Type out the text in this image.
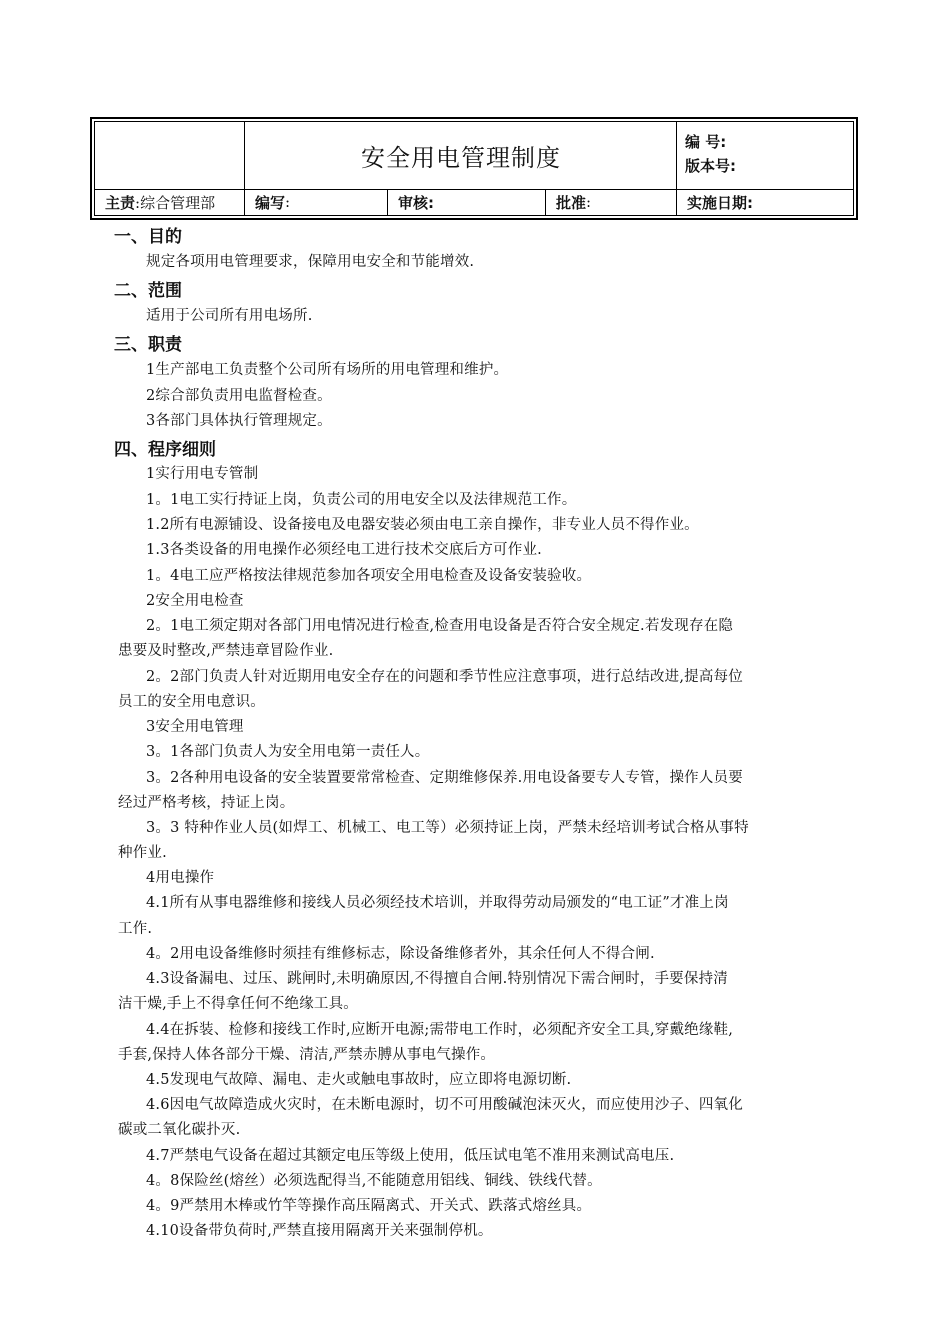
安全用电管理制度
编 号:
版本号:
主责 :综合管理部	编写 :	审核:	批准 :	实施日期:
一、目的
规定各项用电管理要求，保障用电安全和节能增效.
二、范围
适用于公司所有用电场所.
三、职责
1生产部电工负责整个公司所有场所的用电管理和维护。
2综合部负责用电监督检查。
3各部门具体执行管理规定。
四、程序细则
1实行用电专管制
1。1电工实行持证上岗，负责公司的用电安全以及法律规范工作。
1.2所有电源铺设、设备接电及电器安装必须由电工亲自操作，非专业人员不得作业。
1.3各类设备的用电操作必须经电工进行技术交底后方可作业.
1。4电工应严格按法律规范参加各项安全用电检查及设备安装验收。
2安全用电检查
2。1电工须定期对各部门用电情况进行检查,检查用电设备是否符合安全规定.若发现存在隐
患要及时整改,严禁违章冒险作业.
2。2部门负责人针对近期用电安全存在的问题和季节性应注意事项，进行总结改进,提高每位
员工的安全用电意识。
3安全用电管理
3。1各部门负责人为安全用电第一责任人。
3。2各种用电设备的安全装置要常常检查、定期维修保养.用电设备要专人专管，操作人员要
经过严格考核，持证上岗。
3。3 特种作业人员(如焊工、机械工、电工等）必须持证上岗，严禁未经培训考试合格从事特
种作业.
4用电操作
4.1所有从事电器维修和接线人员必须经技术培训，并取得劳动局颁发的“电工证”才准上岗
工作.
4。2用电设备维修时须挂有维修标志，除设备维修者外，其余任何人不得合闸.
4.3设备漏电、过压、跳闸时,未明确原因,不得擅自合闸.特别情况下需合闸时，手要保持清
洁干燥,手上不得拿任何不绝缘工具。
4.4在拆装、检修和接线工作时,应断开电源;需带电工作时，必须配齐安全工具,穿戴绝缘鞋,
手套,保持人体各部分干燥、清洁,严禁赤膊从事电气操作。
4.5发现电气故障、漏电、走火或触电事故时，应立即将电源切断.
4.6因电气故障造成火灾时，在未断电源时，切不可用酸碱泡沫灭火，而应使用沙子、四氧化
碳或二氧化碳扑灭.
4.7严禁电气设备在超过其额定电压等级上使用，低压试电笔不准用来测试高电压.
4。8保险丝(熔丝）必须选配得当,不能随意用铝线、铜线、铁线代替。
4。9严禁用木棒或竹竿等操作高压隔离式、开关式、跌落式熔丝具。
4.10设备带负荷时,严禁直接用隔离开关来强制停机。
